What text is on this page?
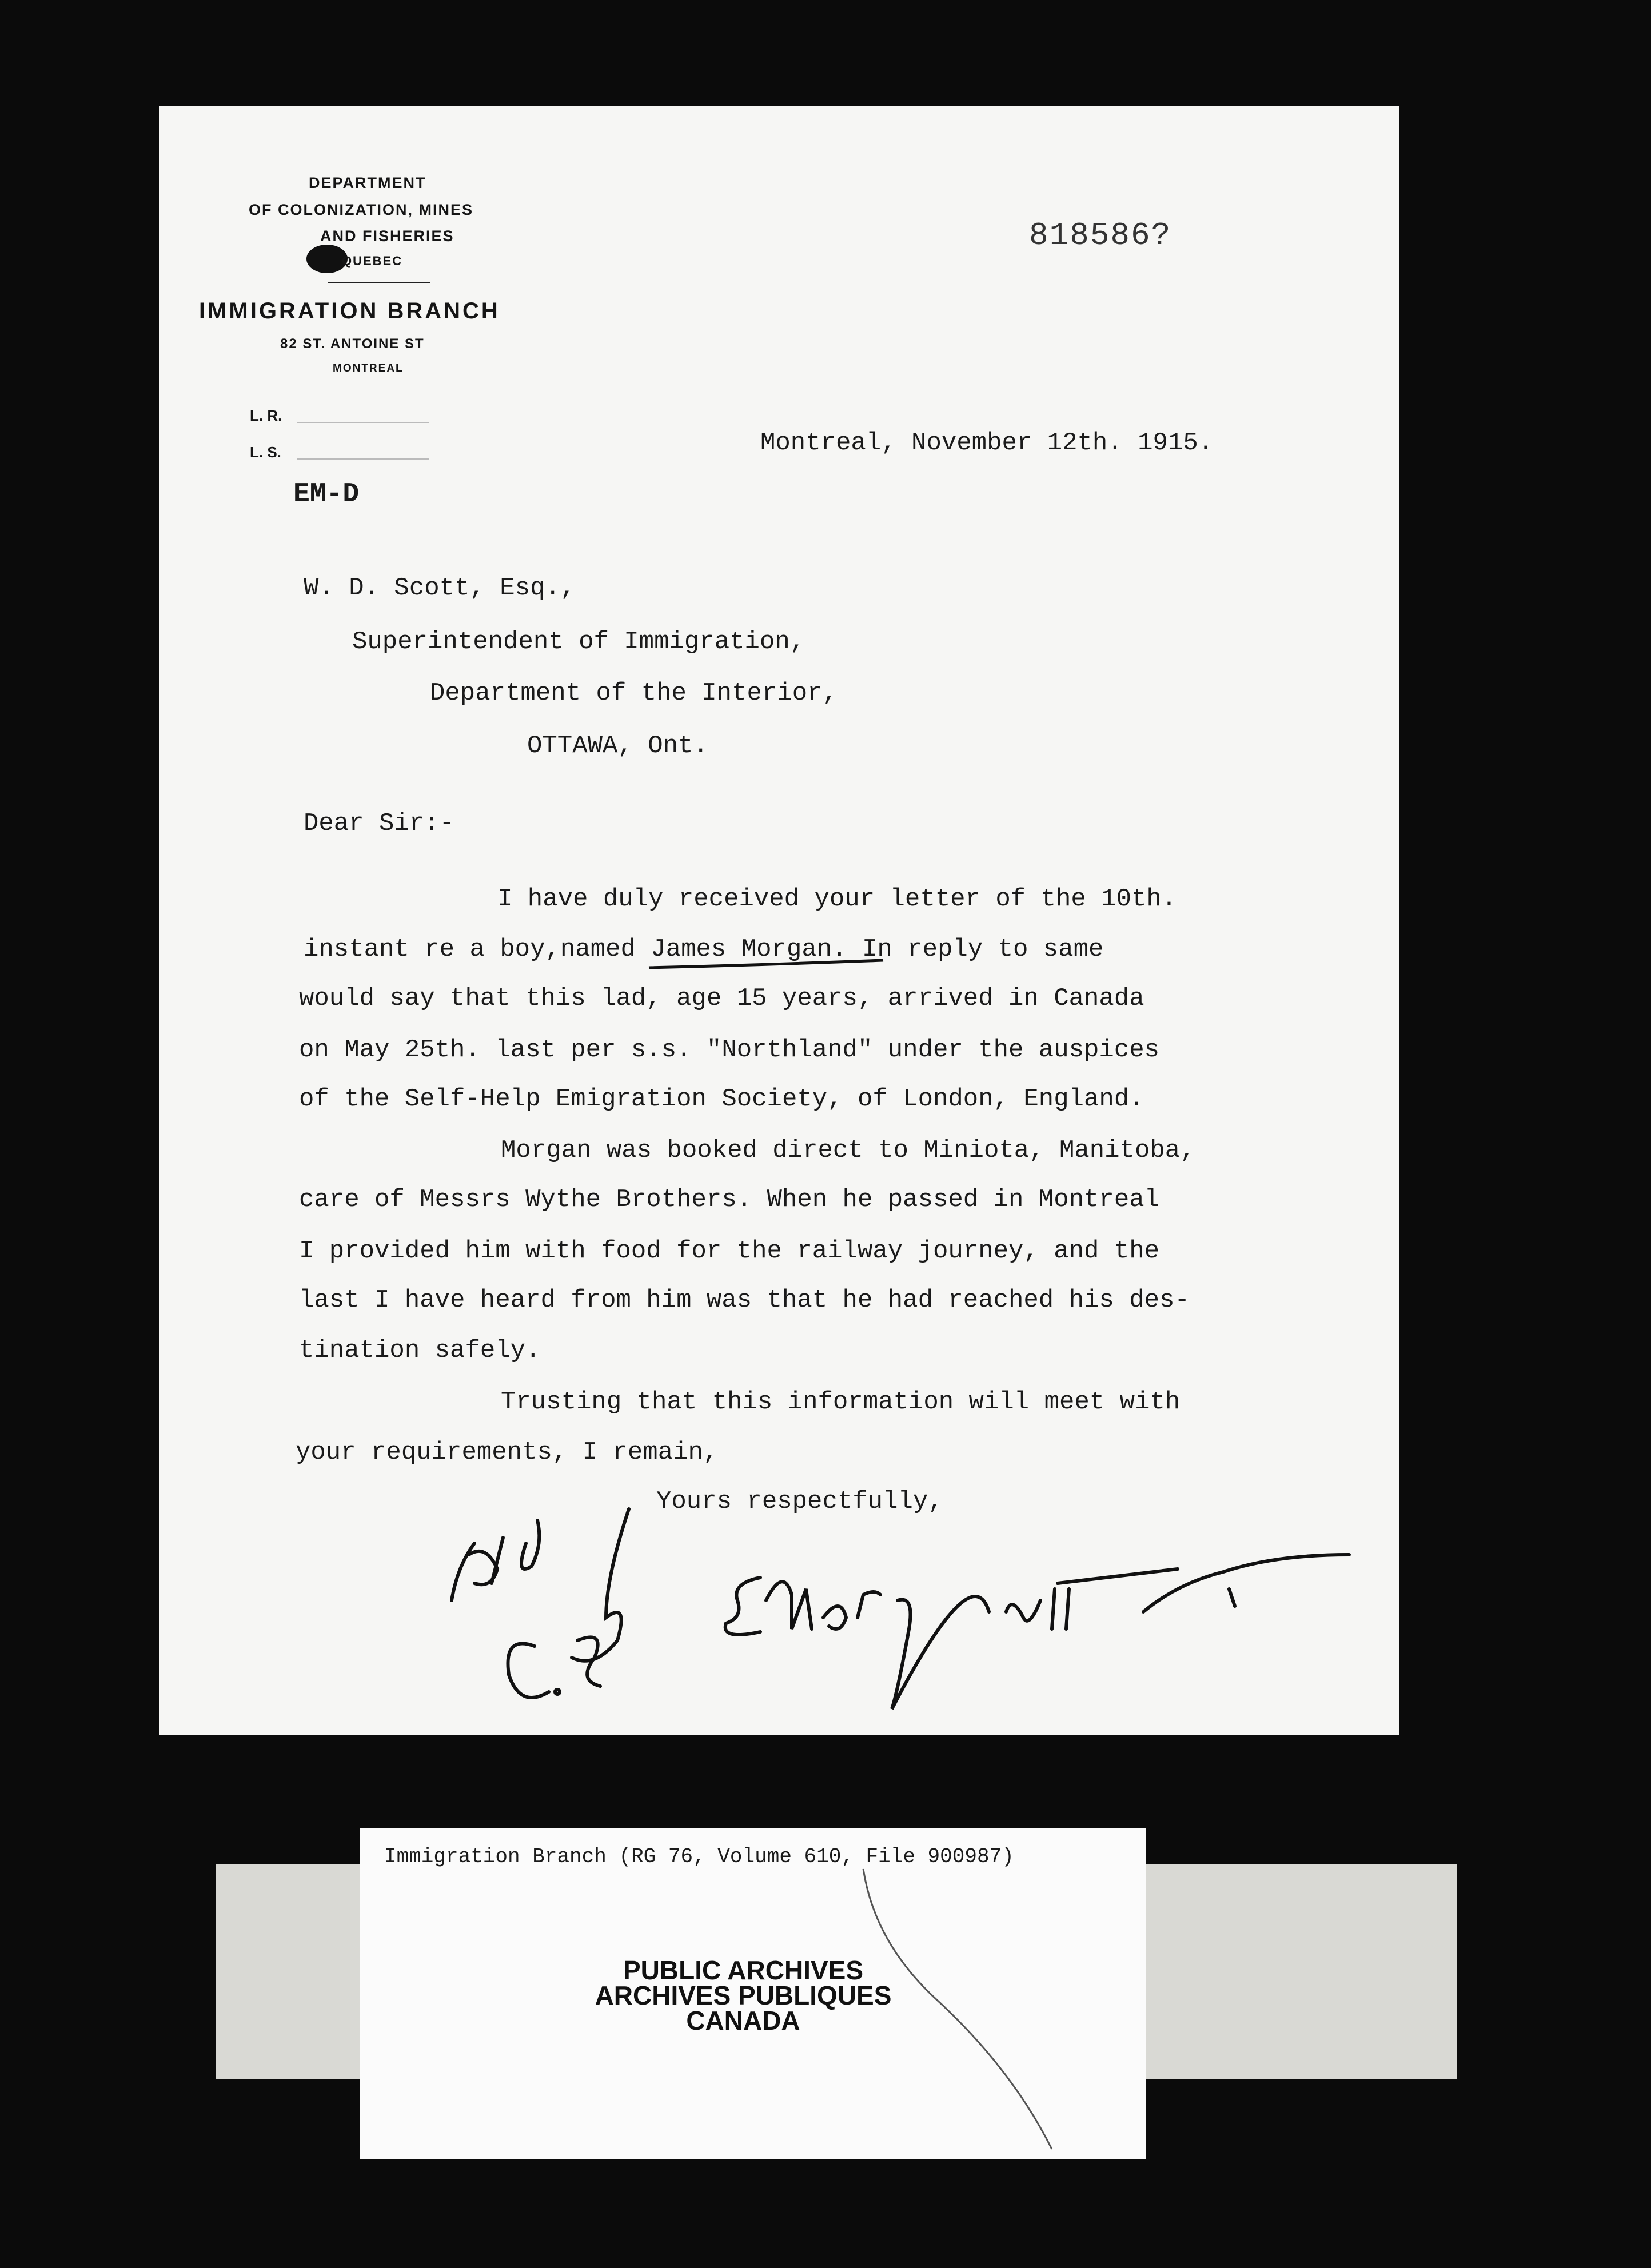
DEPARTMENT
OF COLONIZATION, MINES
AND FISHERIES
QUEBEC
IMMIGRATION BRANCH
82 ST. ANTOINE ST
MONTREAL
L. R.
L. S.
818586?
EM-D
Montreal, November 12th. 1915.
W. D. Scott, Esq.,
Superintendent of Immigration,
Department of the Interior,
OTTAWA, Ont.
Dear Sir:-
I have duly received your letter of the 10th.
instant re a boy,named James Morgan. In reply to same
would say that this lad, age 15 years, arrived in Canada
on May 25th. last per s.s. "Northland" under the auspices
of the Self-Help Emigration Society, of London, England.
Morgan was booked direct to Miniota, Manitoba,
care of Messrs Wythe Brothers. When he passed in Montreal
I provided him with food for the railway journey, and the
last I have heard from him was that he had reached his des-
tination safely.
Trusting that this information will meet with
your requirements, I remain,
Yours respectfully,
Immigration Branch (RG 76, Volume 610, File 900987)
PUBLIC ARCHIVES
ARCHIVES PUBLIQUES
CANADA
